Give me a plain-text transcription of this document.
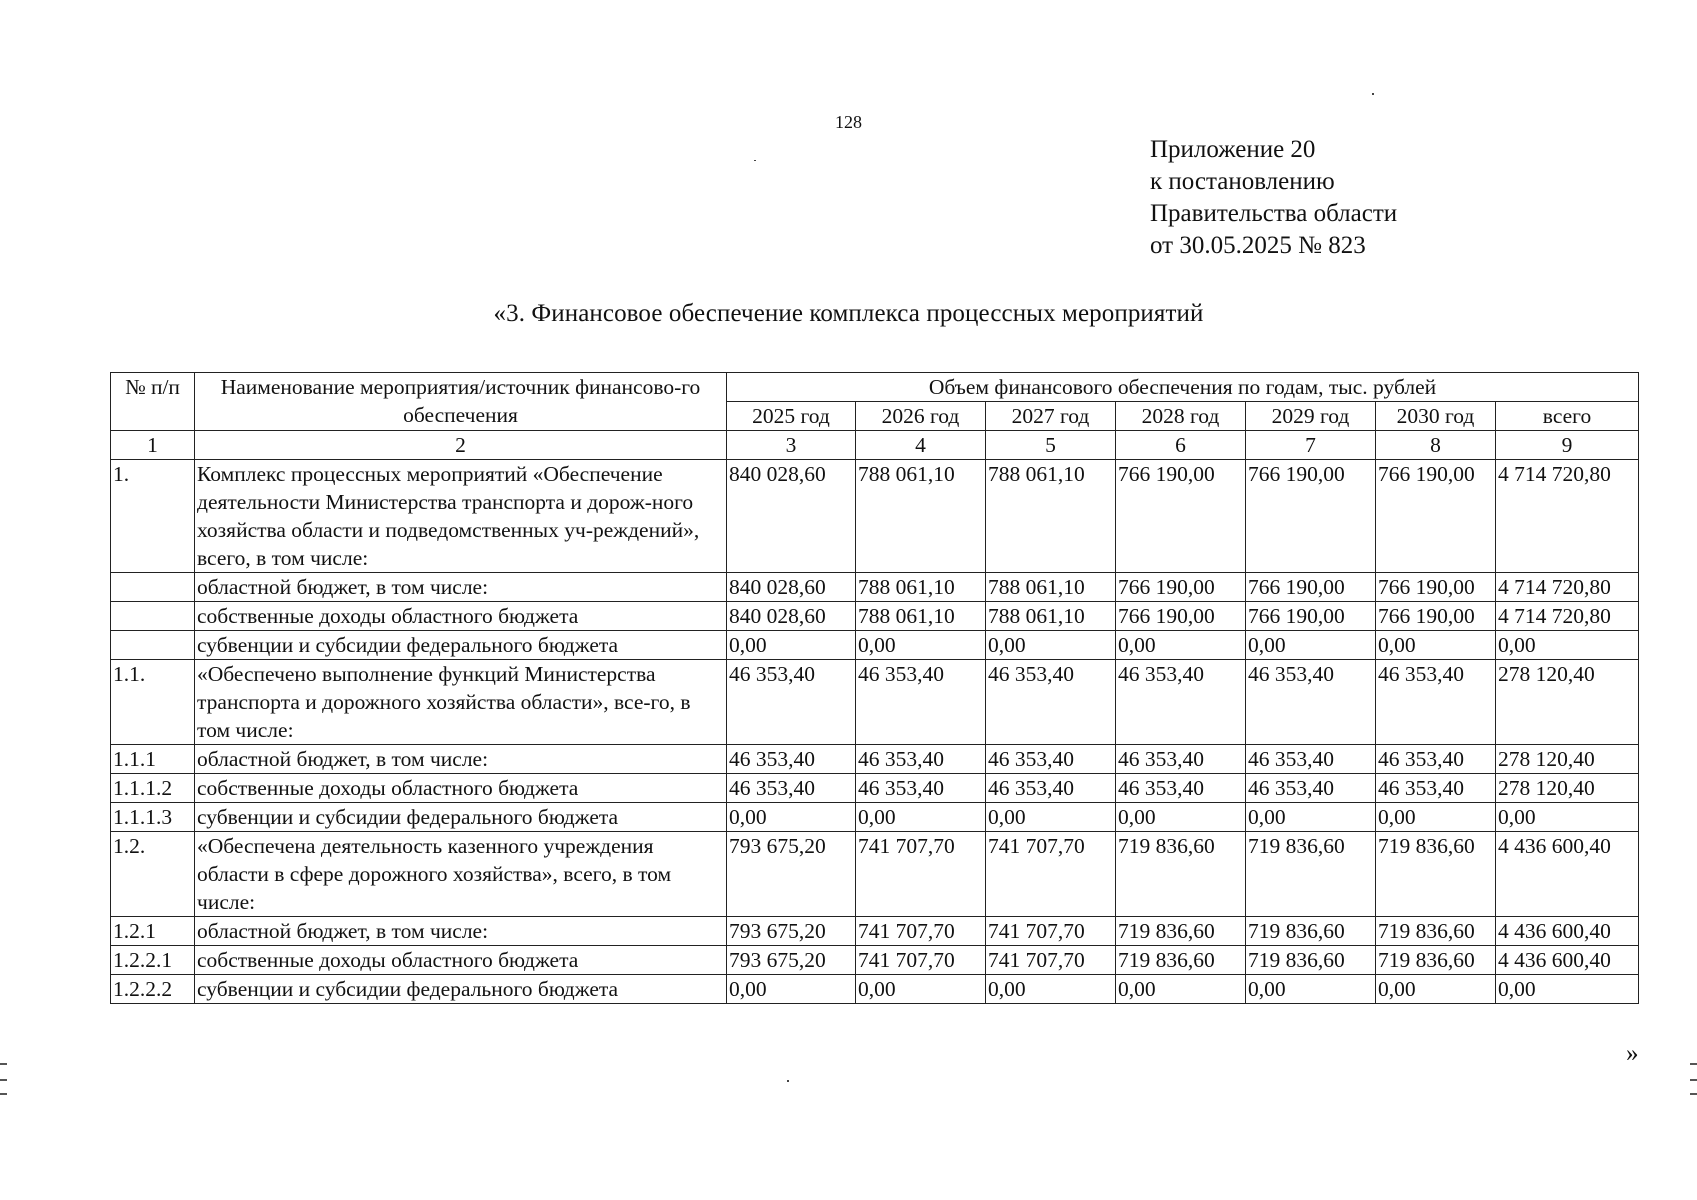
128
Приложение 20
к постановлению
Правительства области
от 30.05.2025 № 823
«3. Финансовое обеспечение комплекса процессных мероприятий
№ п/п	Наименование мероприятия/источник финансово-го обеспечения	Объем финансового обеспечения по годам, тыс. рублей						
		2025 год	2026 год	2027 год	2028 год	2029 год	2030 год	всего
1	2	3	4	5	6	7	8	9
1.	Комплекс процессных мероприятий «Обеспечение деятельности Министерства транспорта и дорож-ного хозяйства области и подведомственных уч-реждений», всего, в том числе:	840 028,60	788 061,10	788 061,10	766 190,00	766 190,00	766 190,00	4 714 720,80
	областной бюджет, в том числе:	840 028,60	788 061,10	788 061,10	766 190,00	766 190,00	766 190,00	4 714 720,80
	собственные доходы областного бюджета	840 028,60	788 061,10	788 061,10	766 190,00	766 190,00	766 190,00	4 714 720,80
	субвенции и субсидии федерального бюджета	0,00	0,00	0,00	0,00	0,00	0,00	0,00
1.1.	«Обеспечено выполнение функций Министерства транспорта и дорожного хозяйства области», все-го, в том числе:	46 353,40	46 353,40	46 353,40	46 353,40	46 353,40	46 353,40	278 120,40
1.1.1	областной бюджет, в том числе:	46 353,40	46 353,40	46 353,40	46 353,40	46 353,40	46 353,40	278 120,40
1.1.1.2	собственные доходы областного бюджета	46 353,40	46 353,40	46 353,40	46 353,40	46 353,40	46 353,40	278 120,40
1.1.1.3	субвенции и субсидии федерального бюджета	0,00	0,00	0,00	0,00	0,00	0,00	0,00
1.2.	«Обеспечена деятельность казенного учреждения области в сфере дорожного хозяйства», всего, в том числе:	793 675,20	741 707,70	741 707,70	719 836,60	719 836,60	719 836,60	4 436 600,40
1.2.1	областной бюджет, в том числе:	793 675,20	741 707,70	741 707,70	719 836,60	719 836,60	719 836,60	4 436 600,40
1.2.2.1	собственные доходы областного бюджета	793 675,20	741 707,70	741 707,70	719 836,60	719 836,60	719 836,60	4 436 600,40
1.2.2.2	субвенции и субсидии федерального бюджета	0,00	0,00	0,00	0,00	0,00	0,00	0,00
»
